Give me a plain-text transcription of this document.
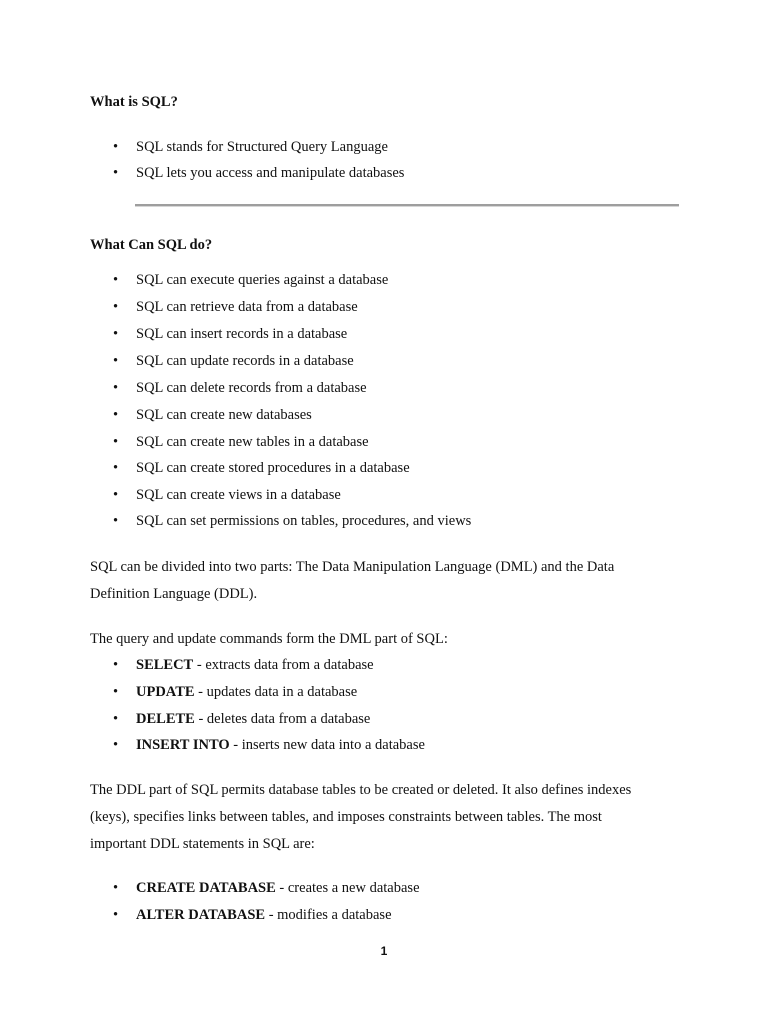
What is SQL?
•	SQL stands for Structured Query Language
•	SQL lets you access and manipulate databases
What Can SQL do?
•	SQL can execute queries against a database
•	SQL can retrieve data from a database
•	SQL can insert records in a database
•	SQL can update records in a database
•	SQL can delete records from a database
•	SQL can create new databases
•	SQL can create new tables in a database
•	SQL can create stored procedures in a database
•	SQL can create views in a database
•	SQL can set permissions on tables, procedures, and views
SQL can be divided into two parts: The Data Manipulation Language (DML) and the Data
Definition Language (DDL).
The query and update commands form the DML part of SQL:
•	SELECT - extracts data from a database
•	UPDATE - updates data in a database
•	DELETE - deletes data from a database
•	INSERT INTO - inserts new data into a database
The DDL part of SQL permits database tables to be created or deleted. It also defines indexes
(keys), specifies links between tables, and imposes constraints between tables. The most
important DDL statements in SQL are:
•	CREATE DATABASE - creates a new database
•	ALTER DATABASE - modifies a database
1
